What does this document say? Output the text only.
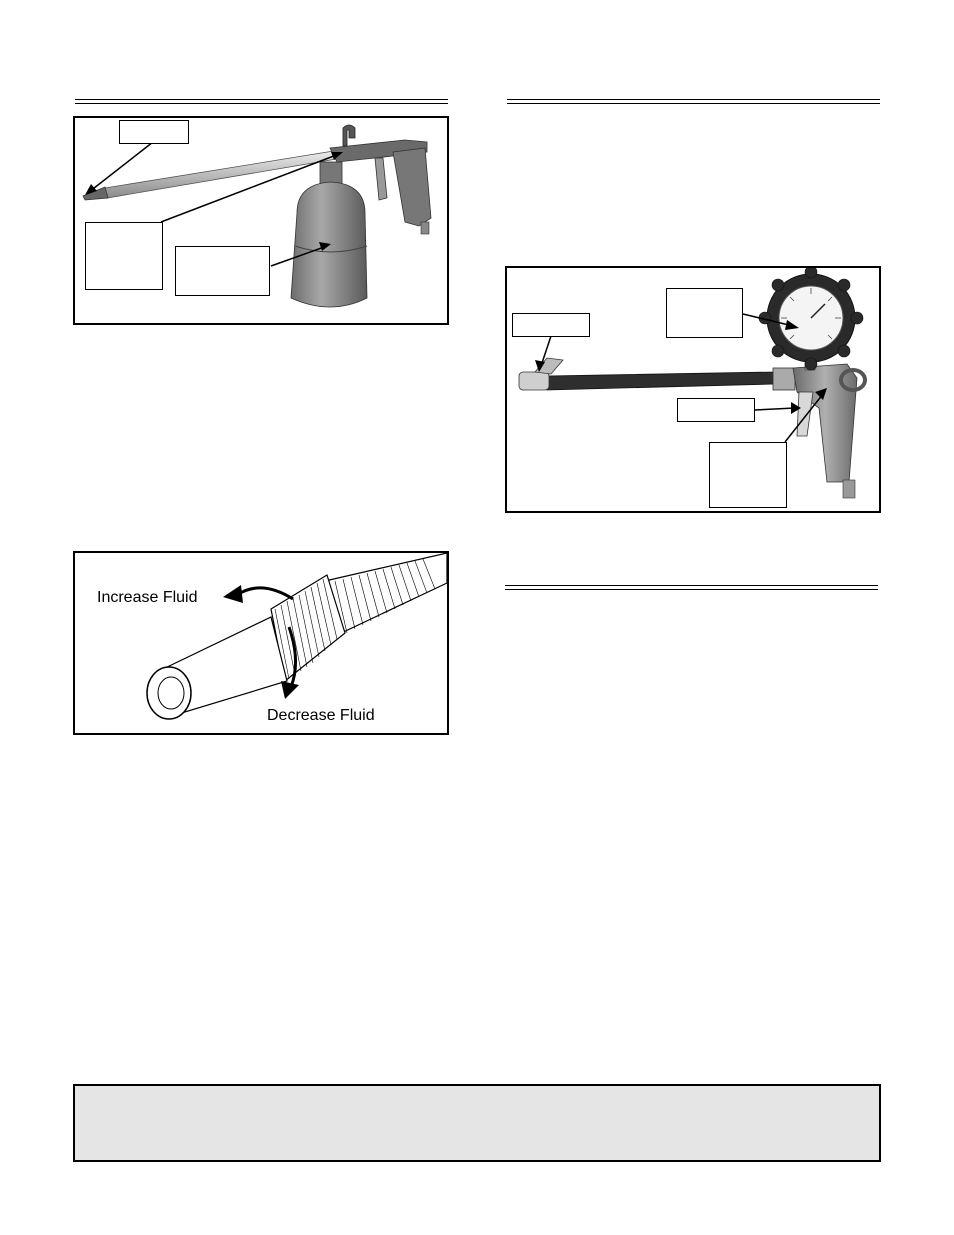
Increase Fluid
Decrease Fluid
